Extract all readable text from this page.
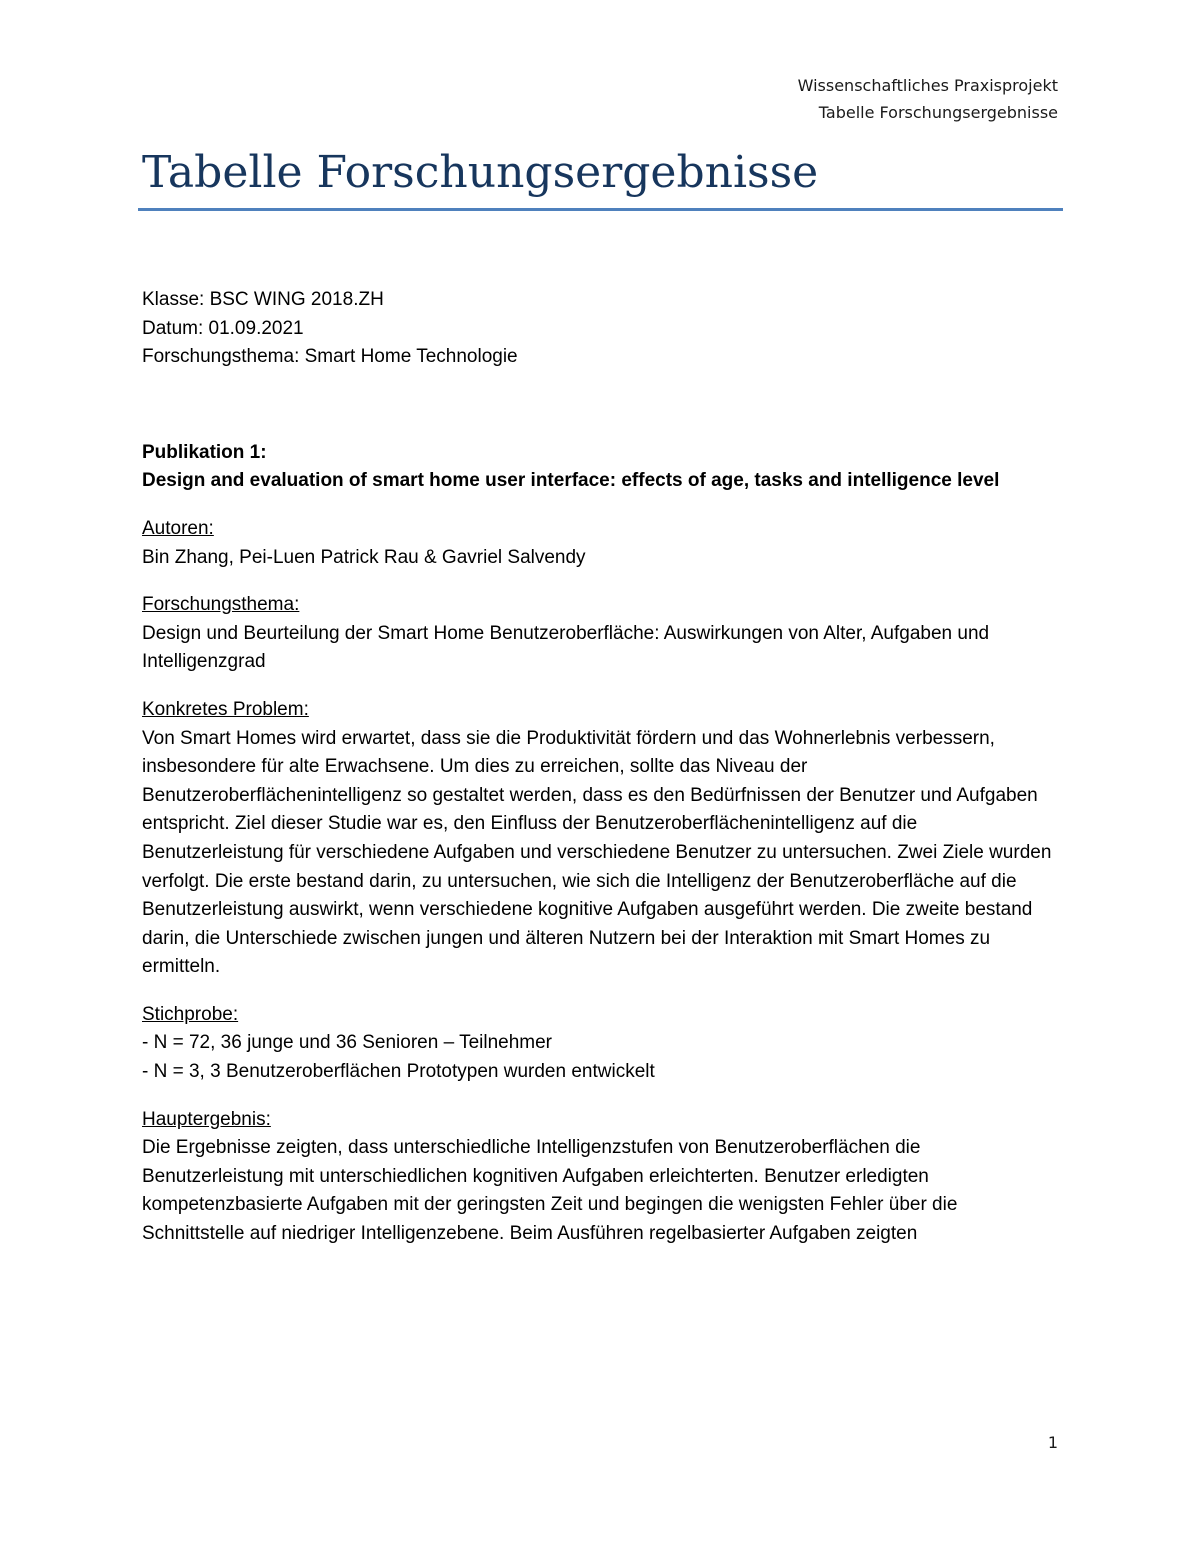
Wissenschaftliches Praxisprojekt
Tabelle Forschungsergebnisse
Tabelle Forschungsergebnisse

Klasse: BSC WING 2018.ZH

Datum: 01.09.2021

Forschungsthema: Smart Home Technologie

Publikation 1:

Design and evaluation of smart home user interface: effects of age, tasks and intelligence level

Autoren:

Bin Zhang, Pei-Luen Patrick Rau & Gavriel Salvendy

Forschungsthema:

Design und Beurteilung der Smart Home Benutzeroberfläche: Auswirkungen von Alter, Aufgaben und Intelligenzgrad

Konkretes Problem:

Von Smart Homes wird erwartet, dass sie die Produktivität fördern und das Wohnerlebnis verbessern, insbesondere für alte Erwachsene. Um dies zu erreichen, sollte das Niveau der Benutzeroberflächenintelligenz so gestaltet werden, dass es den Bedürfnissen der Benutzer und Aufgaben entspricht. Ziel dieser Studie war es, den Einfluss der Benutzeroberflächenintelligenz auf die Benutzerleistung für verschiedene Aufgaben und verschiedene Benutzer zu untersuchen. Zwei Ziele wurden verfolgt. Die erste bestand darin, zu untersuchen, wie sich die Intelligenz der Benutzeroberfläche auf die Benutzerleistung auswirkt, wenn verschiedene kognitive Aufgaben ausgeführt werden. Die zweite bestand darin, die Unterschiede zwischen jungen und älteren Nutzern bei der Interaktion mit Smart Homes zu ermitteln.

Stichprobe:

- N = 72, 36 junge und 36 Senioren – Teilnehmer

- N = 3, 3 Benutzeroberflächen Prototypen wurden entwickelt

Hauptergebnis:

Die Ergebnisse zeigten, dass unterschiedliche Intelligenzstufen von Benutzeroberflächen die Benutzerleistung mit unterschiedlichen kognitiven Aufgaben erleichterten. Benutzer erledigten kompetenzbasierte Aufgaben mit der geringsten Zeit und begingen die wenigsten Fehler über die Schnittstelle auf niedriger Intelligenzebene. Beim Ausführen regelbasierter Aufgaben zeigten

1
